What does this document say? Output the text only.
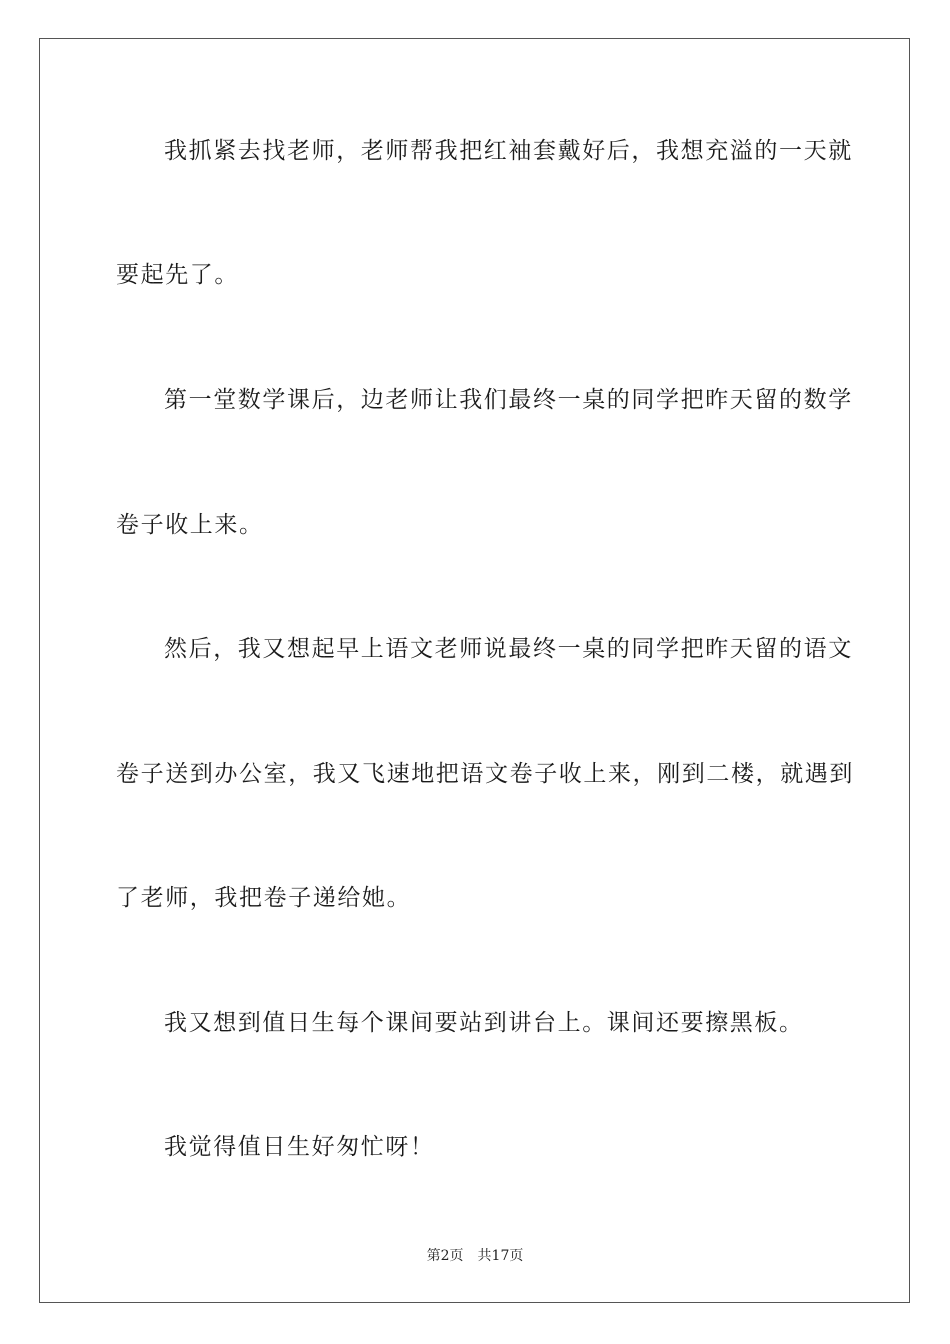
我抓紧去找老师，老师帮我把红袖套戴好后，我想充溢的一天就
要起先了。
第一堂数学课后，边老师让我们最终一桌的同学把昨天留的数学
卷子收上来。
然后，我又想起早上语文老师说最终一桌的同学把昨天留的语文
卷子送到办公室，我又飞速地把语文卷子收上来，刚到二楼，就遇到
了老师，我把卷子递给她。
我又想到值日生每个课间要站到讲台上。课间还要擦黑板。
我觉得值日生好匆忙呀！
第2页 共17页
